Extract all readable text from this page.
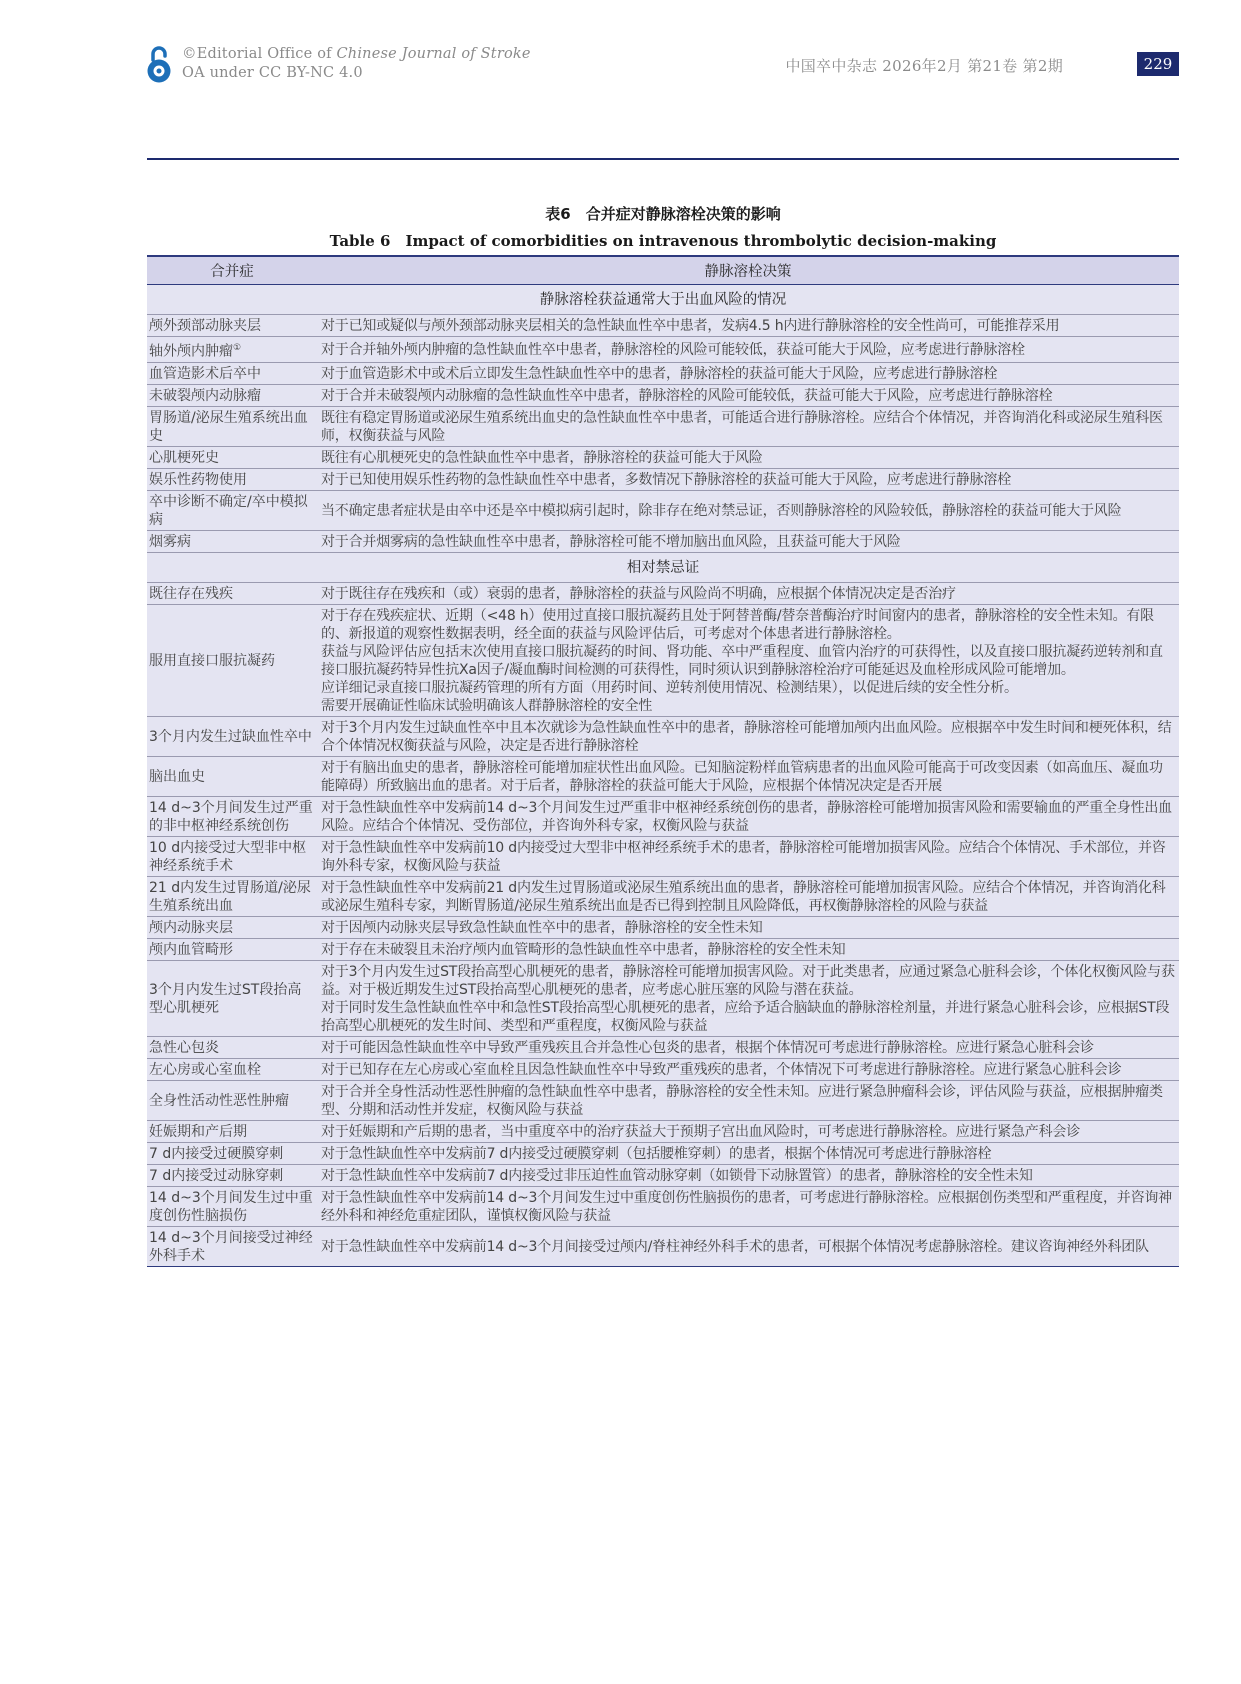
©Editorial Office of Chinese Journal of Stroke
OA under CC BY-NC 4.0	中国卒中杂志 2026年2月 第21卷 第2期	229
表6　合并症对静脉溶栓决策的影响
Table 6　Impact of comorbidities on intravenous thrombolytic decision-making
合并症	静脉溶栓决策
静脉溶栓获益通常大于出血风险的情况	
颅外颈部动脉夹层	对于已知或疑似与颅外颈部动脉夹层相关的急性缺血性卒中患者，发病4.5 h内进行静脉溶栓的安全性尚可，可能推荐采用

轴外颅内肿瘤①	对于合并轴外颅内肿瘤的急性缺血性卒中患者，静脉溶栓的风险可能较低，获益可能大于风险，应考虑进行静脉溶栓

血管造影术后卒中	对于血管造影术中或术后立即发生急性缺血性卒中的患者，静脉溶栓的获益可能大于风险，应考虑进行静脉溶栓

未破裂颅内动脉瘤	对于合并未破裂颅内动脉瘤的急性缺血性卒中患者，静脉溶栓的风险可能较低，获益可能大于风险，应考虑进行静脉溶栓

胃肠道/泌尿生殖系统出血史	既往有稳定胃肠道或泌尿生殖系统出血史的急性缺血性卒中患者，可能适合进行静脉溶栓。应结合个体情况，并咨询消化科或泌尿生殖科医师，权衡获益与风险

心肌梗死史	既往有心肌梗死史的急性缺血性卒中患者，静脉溶栓的获益可能大于风险

娱乐性药物使用	对于已知使用娱乐性药物的急性缺血性卒中患者，多数情况下静脉溶栓的获益可能大于风险，应考虑进行静脉溶栓

卒中诊断不确定/卒中模拟病	当不确定患者症状是由卒中还是卒中模拟病引起时，除非存在绝对禁忌证，否则静脉溶栓的风险较低，静脉溶栓的获益可能大于风险

烟雾病	对于合并烟雾病的急性缺血性卒中患者，静脉溶栓可能不增加脑出血风险，且获益可能大于风险

相对禁忌证	
既往存在残疾	对于既往存在残疾和（或）衰弱的患者，静脉溶栓的获益与风险尚不明确，应根据个体情况决定是否治疗

服用直接口服抗凝药	对于存在残疾症状、近期（<48 h）使用过直接口服抗凝药且处于阿替普酶/替奈普酶治疗时间窗内的患者，静脉溶栓的安全性未知。有限的、新报道的观察性数据表明，经全面的获益与风险评估后，可考虑对个体患者进行静脉溶栓。

获益与风险评估应包括末次使用直接口服抗凝药的时间、肾功能、卒中严重程度、血管内治疗的可获得性，以及直接口服抗凝药逆转剂和直接口服抗凝药特异性抗Ⅹa因子/凝血酶时间检测的可获得性，同时须认识到静脉溶栓治疗可能延迟及血栓形成风险可能增加。

应详细记录直接口服抗凝药管理的所有方面（用药时间、逆转剂使用情况、检测结果），以促进后续的安全性分析。

需要开展确证性临床试验明确该人群静脉溶栓的安全性

3个月内发生过缺血性卒中	对于3个月内发生过缺血性卒中且本次就诊为急性缺血性卒中的患者，静脉溶栓可能增加颅内出血风险。应根据卒中发生时间和梗死体积，结合个体情况权衡获益与风险，决定是否进行静脉溶栓

脑出血史	对于有脑出血史的患者，静脉溶栓可能增加症状性出血风险。已知脑淀粉样血管病患者的出血风险可能高于可改变因素（如高血压、凝血功能障碍）所致脑出血的患者。对于后者，静脉溶栓的获益可能大于风险，应根据个体情况决定是否开展

14 d~3个月间发生过严重的非中枢神经系统创伤	对于急性缺血性卒中发病前14 d~3个月间发生过严重非中枢神经系统创伤的患者，静脉溶栓可能增加损害风险和需要输血的严重全身性出血风险。应结合个体情况、受伤部位，并咨询外科专家，权衡风险与获益

10 d内接受过大型非中枢神经系统手术	对于急性缺血性卒中发病前10 d内接受过大型非中枢神经系统手术的患者，静脉溶栓可能增加损害风险。应结合个体情况、手术部位，并咨询外科专家，权衡风险与获益

21 d内发生过胃肠道/泌尿生殖系统出血	对于急性缺血性卒中发病前21 d内发生过胃肠道或泌尿生殖系统出血的患者，静脉溶栓可能增加损害风险。应结合个体情况，并咨询消化科或泌尿生殖科专家，判断胃肠道/泌尿生殖系统出血是否已得到控制且风险降低，再权衡静脉溶栓的风险与获益

颅内动脉夹层	对于因颅内动脉夹层导致急性缺血性卒中的患者，静脉溶栓的安全性未知

颅内血管畸形	对于存在未破裂且未治疗颅内血管畸形的急性缺血性卒中患者，静脉溶栓的安全性未知

3个月内发生过ST段抬高型心肌梗死	对于3个月内发生过ST段抬高型心肌梗死的患者，静脉溶栓可能增加损害风险。对于此类患者，应通过紧急心脏科会诊，个体化权衡风险与获益。对于极近期发生过ST段抬高型心肌梗死的患者，应考虑心脏压塞的风险与潜在获益。

对于同时发生急性缺血性卒中和急性ST段抬高型心肌梗死的患者，应给予适合脑缺血的静脉溶栓剂量，并进行紧急心脏科会诊，应根据ST段抬高型心肌梗死的发生时间、类型和严重程度，权衡风险与获益

急性心包炎	对于可能因急性缺血性卒中导致严重残疾且合并急性心包炎的患者，根据个体情况可考虑进行静脉溶栓。应进行紧急心脏科会诊

左心房或心室血栓	对于已知存在左心房或心室血栓且因急性缺血性卒中导致严重残疾的患者，个体情况下可考虑进行静脉溶栓。应进行紧急心脏科会诊

全身性活动性恶性肿瘤	对于合并全身性活动性恶性肿瘤的急性缺血性卒中患者，静脉溶栓的安全性未知。应进行紧急肿瘤科会诊，评估风险与获益，应根据肿瘤类型、分期和活动性并发症，权衡风险与获益

妊娠期和产后期	对于妊娠期和产后期的患者，当中重度卒中的治疗获益大于预期子宫出血风险时，可考虑进行静脉溶栓。应进行紧急产科会诊

7 d内接受过硬膜穿刺	对于急性缺血性卒中发病前7 d内接受过硬膜穿刺（包括腰椎穿刺）的患者，根据个体情况可考虑进行静脉溶栓

7 d内接受过动脉穿刺	对于急性缺血性卒中发病前7 d内接受过非压迫性血管动脉穿刺（如锁骨下动脉置管）的患者，静脉溶栓的安全性未知

14 d~3个月间发生过中重度创伤性脑损伤	对于急性缺血性卒中发病前14 d~3个月间发生过中重度创伤性脑损伤的患者，可考虑进行静脉溶栓。应根据创伤类型和严重程度，并咨询神经外科和神经危重症团队，谨慎权衡风险与获益

14 d~3个月间接受过神经外科手术	对于急性缺血性卒中发病前14 d~3个月间接受过颅内/脊柱神经外科手术的患者，可根据个体情况考虑静脉溶栓。建议咨询神经外科团队
